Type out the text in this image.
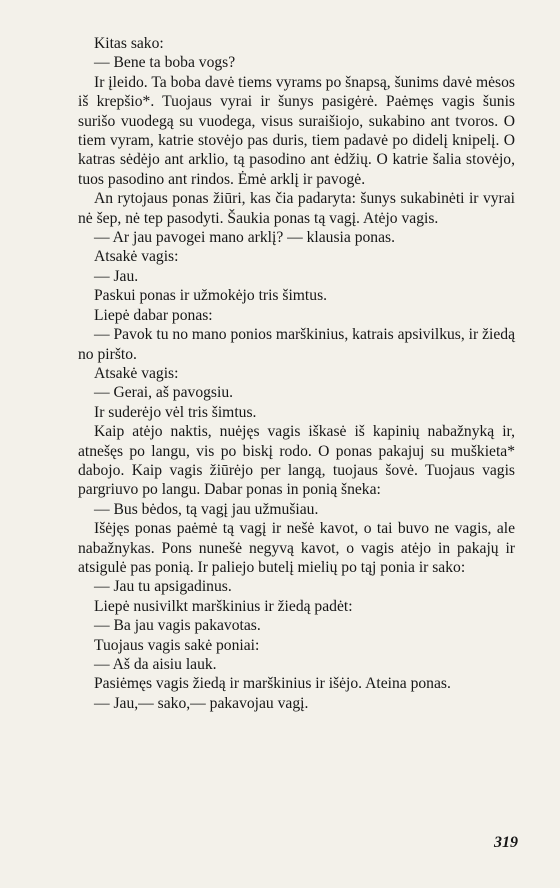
Kitas sako:

— Bene ta boba vogs?

Ir įleido. Ta boba davė tiems vyrams po šnapsą, šunims davė mėsos iš krepšio*. Tuojaus vyrai ir šunys pasigėrė. Paėmęs vagis šunis surišo vuodegą su vuodega, visus suraišiojo, sukabino ant tvoros. O tiem vyram, katrie stovėjo pas duris, tiem padavė po didelį knipelį. O katras sėdėjo ant arklio, tą pasodino ant ėdžių. O katrie šalia stovėjo, tuos pasodino ant rindos. Ėmė arklį ir pavogė.

An rytojaus ponas žiūri, kas čia padaryta: šunys sukabinėti ir vyrai nė šep, nė tep pasodyti. Šaukia ponas tą vagį. Atėjo vagis.

— Ar jau pavogei mano arklį? — klausia ponas.

Atsakė vagis:

— Jau.

Paskui ponas ir užmokėjo tris šimtus.

Liepė dabar ponas:

— Pavok tu no mano ponios marškinius, katrais apsivilkus, ir žiedą no piršto.

Atsakė vagis:

— Gerai, aš pavogsiu.

Ir suderėjo vėl tris šimtus.

Kaip atėjo naktis, nuėjęs vagis iškasė iš kapinių nabažnyką ir, atnešęs po langu, vis po biskį rodo. O ponas pakajuj su muškieta* dabojo. Kaip vagis žiūrėjo per langą, tuojaus šovė. Tuojaus vagis pargriuvo po langu. Dabar ponas in ponią šneka:

— Bus bėdos, tą vagį jau užmušiau.

Išėjęs ponas paėmė tą vagį ir nešė kavot, o tai buvo ne vagis, ale nabažnykas. Pons nunešė negyvą kavot, o vagis atėjo in pakajų ir atsigulė pas ponią. Ir paliejo butelį mielių po tąj ponia ir sako:

— Jau tu apsigadinus.

Liepė nusivilkt marškinius ir žiedą padėt:

— Ba jau vagis pakavotas.

Tuojaus vagis sakė poniai:

— Aš da aisiu lauk.

Pasiėmęs vagis žiedą ir marškinius ir išėjo. Ateina ponas.

— Jau,— sako,— pakavojau vagį.

319
